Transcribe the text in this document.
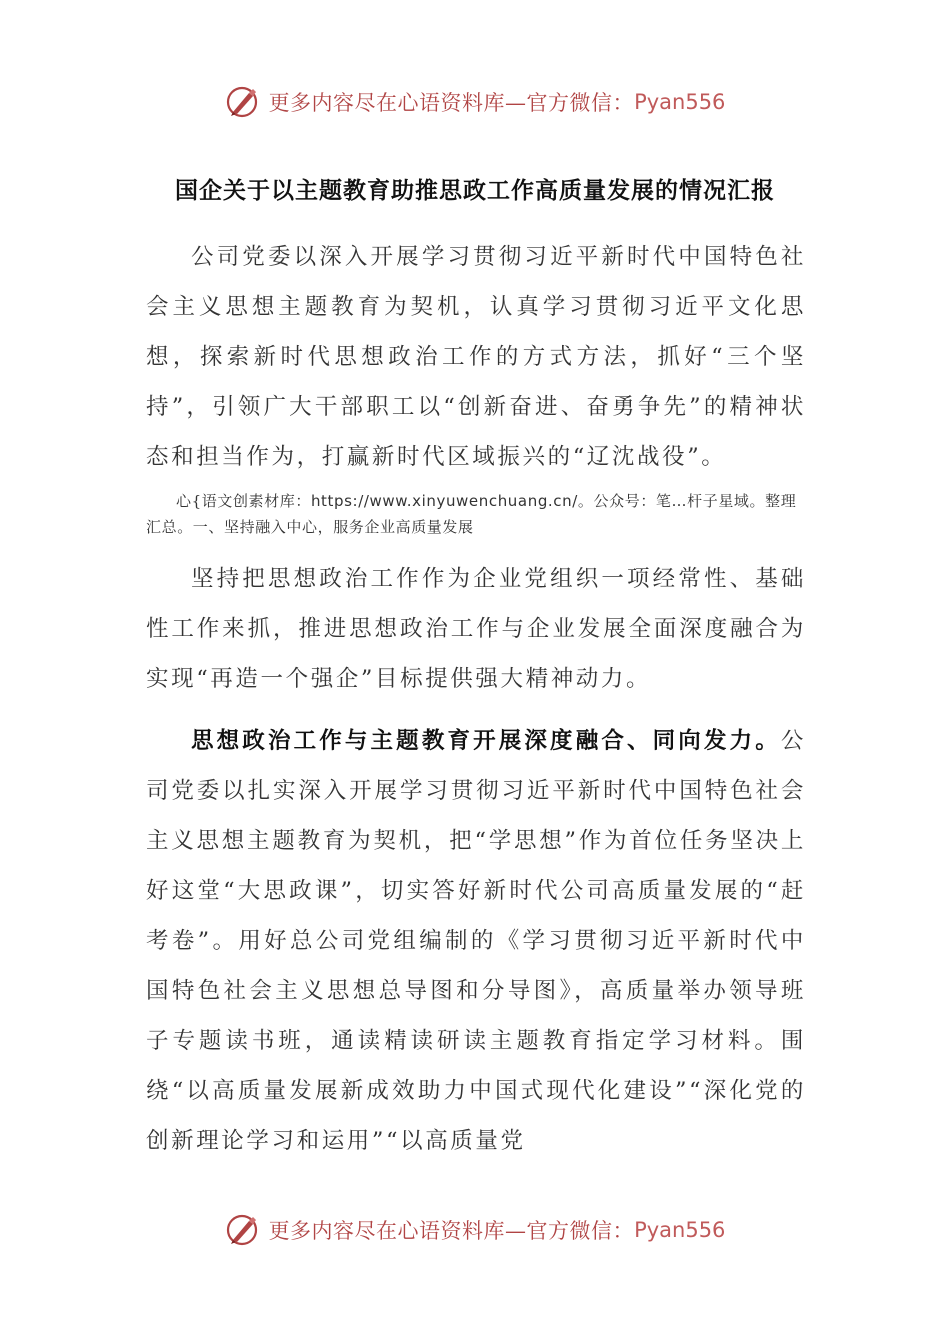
更多内容尽在心语资料库—官方微信： Pyan556
国企关于以主题教育助推思政工作高质量发展的情况汇报
公司党委以深入开展学习贯彻习近平新时代中国特色社会主义思想主题教育为契机，认真学习贯彻习近平文化思想，探索新时代思想政治工作的方式方法，抓好“三个坚持”，引领广大干部职工以“创新奋进、奋勇争先”的精神状态和担当作为，打赢新时代区域振兴的“辽沈战役”。
心{语文创素材库：https://www.xinyuwenchuang.cn/。公众号：笔…杆子星域。整理汇总。一、坚持融入中心，服务企业高质量发展
坚持把思想政治工作作为企业党组织一项经常性、基础性工作来抓，推进思想政治工作与企业发展全面深度融合为实现“再造一个强企”目标提供强大精神动力。
思想政治工作与主题教育开展深度融合、同向发力。公司党委以扎实深入开展学习贯彻习近平新时代中国特色社会主义思想主题教育为契机，把“学思想”作为首位任务坚决上好这堂“大思政课”，切实答好新时代公司高质量发展的“赶考卷”。用好总公司党组编制的《学习贯彻习近平新时代中国特色社会主义思想总导图和分导图》，高质量举办领导班子专题读书班，通读精读研读主题教育指定学习材料。围绕“以高质量发展新成效助力中国式现代化建设”“深化党的创新理论学习和运用”“以高质量党
更多内容尽在心语资料库—官方微信： Pyan556
